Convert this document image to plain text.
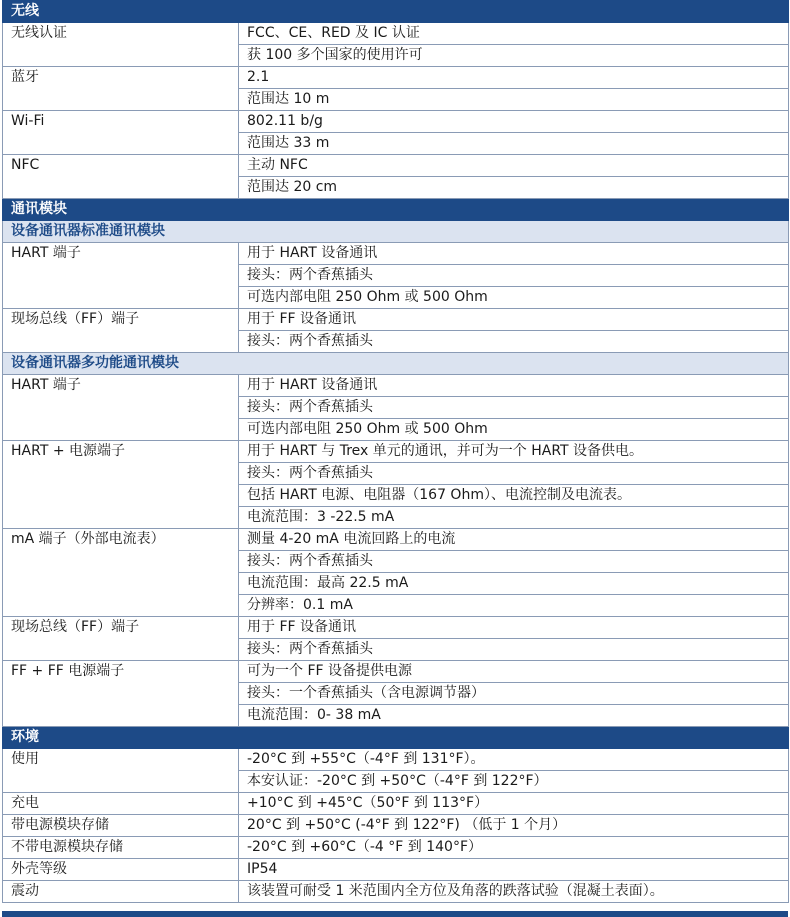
无线	
无线认证	FCC、CE、RED 及 IC 认证
	获 100 多个国家的使用许可
蓝牙	2.1
	范围达 10 m
Wi-Fi	802.11 b/g
	范围达 33 m
NFC	主动 NFC
	范围达 20 cm
通讯模块	
设备通讯器标准通讯模块	
HART 端子	用于 HART 设备通讯
	接头：两个香蕉插头
	可选内部电阻 250 Ohm 或 500 Ohm
现场总线（FF）端子	用于 FF 设备通讯
	接头：两个香蕉插头
设备通讯器多功能通讯模块	
HART 端子	用于 HART 设备通讯
	接头：两个香蕉插头
	可选内部电阻 250 Ohm 或 500 Ohm
HART + 电源端子	用于 HART 与 Trex 单元的通讯，并可为一个 HART 设备供电。
	接头：两个香蕉插头
	包括 HART 电源、电阻器（167 Ohm）、电流控制及电流表。
	电流范围：3 -22.5 mA
mA 端子（外部电流表）	测量 4-20 mA 电流回路上的电流
	接头：两个香蕉插头
	电流范围：最高 22.5 mA
	分辨率：0.1 mA
现场总线（FF）端子	用于 FF 设备通讯
	接头：两个香蕉插头
FF + FF 电源端子	可为一个 FF 设备提供电源
	接头：一个香蕉插头（含电源调节器）
	电流范围：0- 38 mA
环境	
使用	-20°C 到 +55°C（-4°F 到 131°F）。
	本安认证：-20°C 到 +50°C（-4°F 到 122°F）
充电	+10°C 到 +45°C（50°F 到 113°F）
带电源模块存储	20°C 到 +50°C (-4°F 到 122°F) （低于 1 个月）
不带电源模块存储	-20°C 到 +60°C（-4 °F 到 140°F）
外壳等级	IP54
震动	该装置可耐受 1 米范围内全方位及角落的跌落试验（混凝土表面）。
